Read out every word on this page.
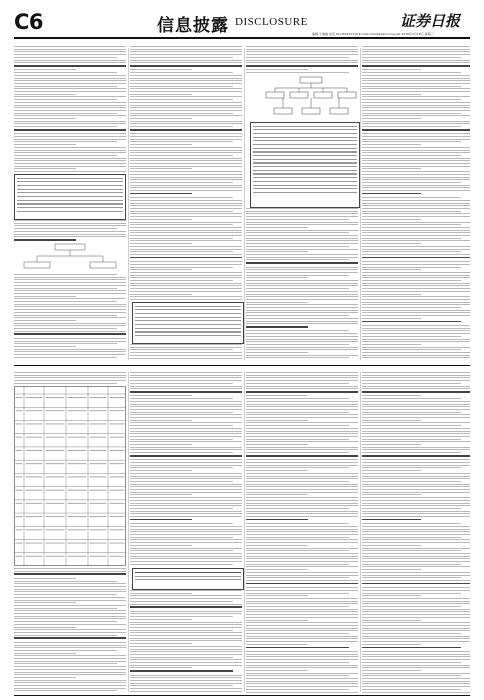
C6	信息披露 DISCLOSURE	证券日报
编辑 王楠楠 电话 010-83251716 E-mail:zqrb9@zqrb.sina.net 2020年3月18日 星期三
